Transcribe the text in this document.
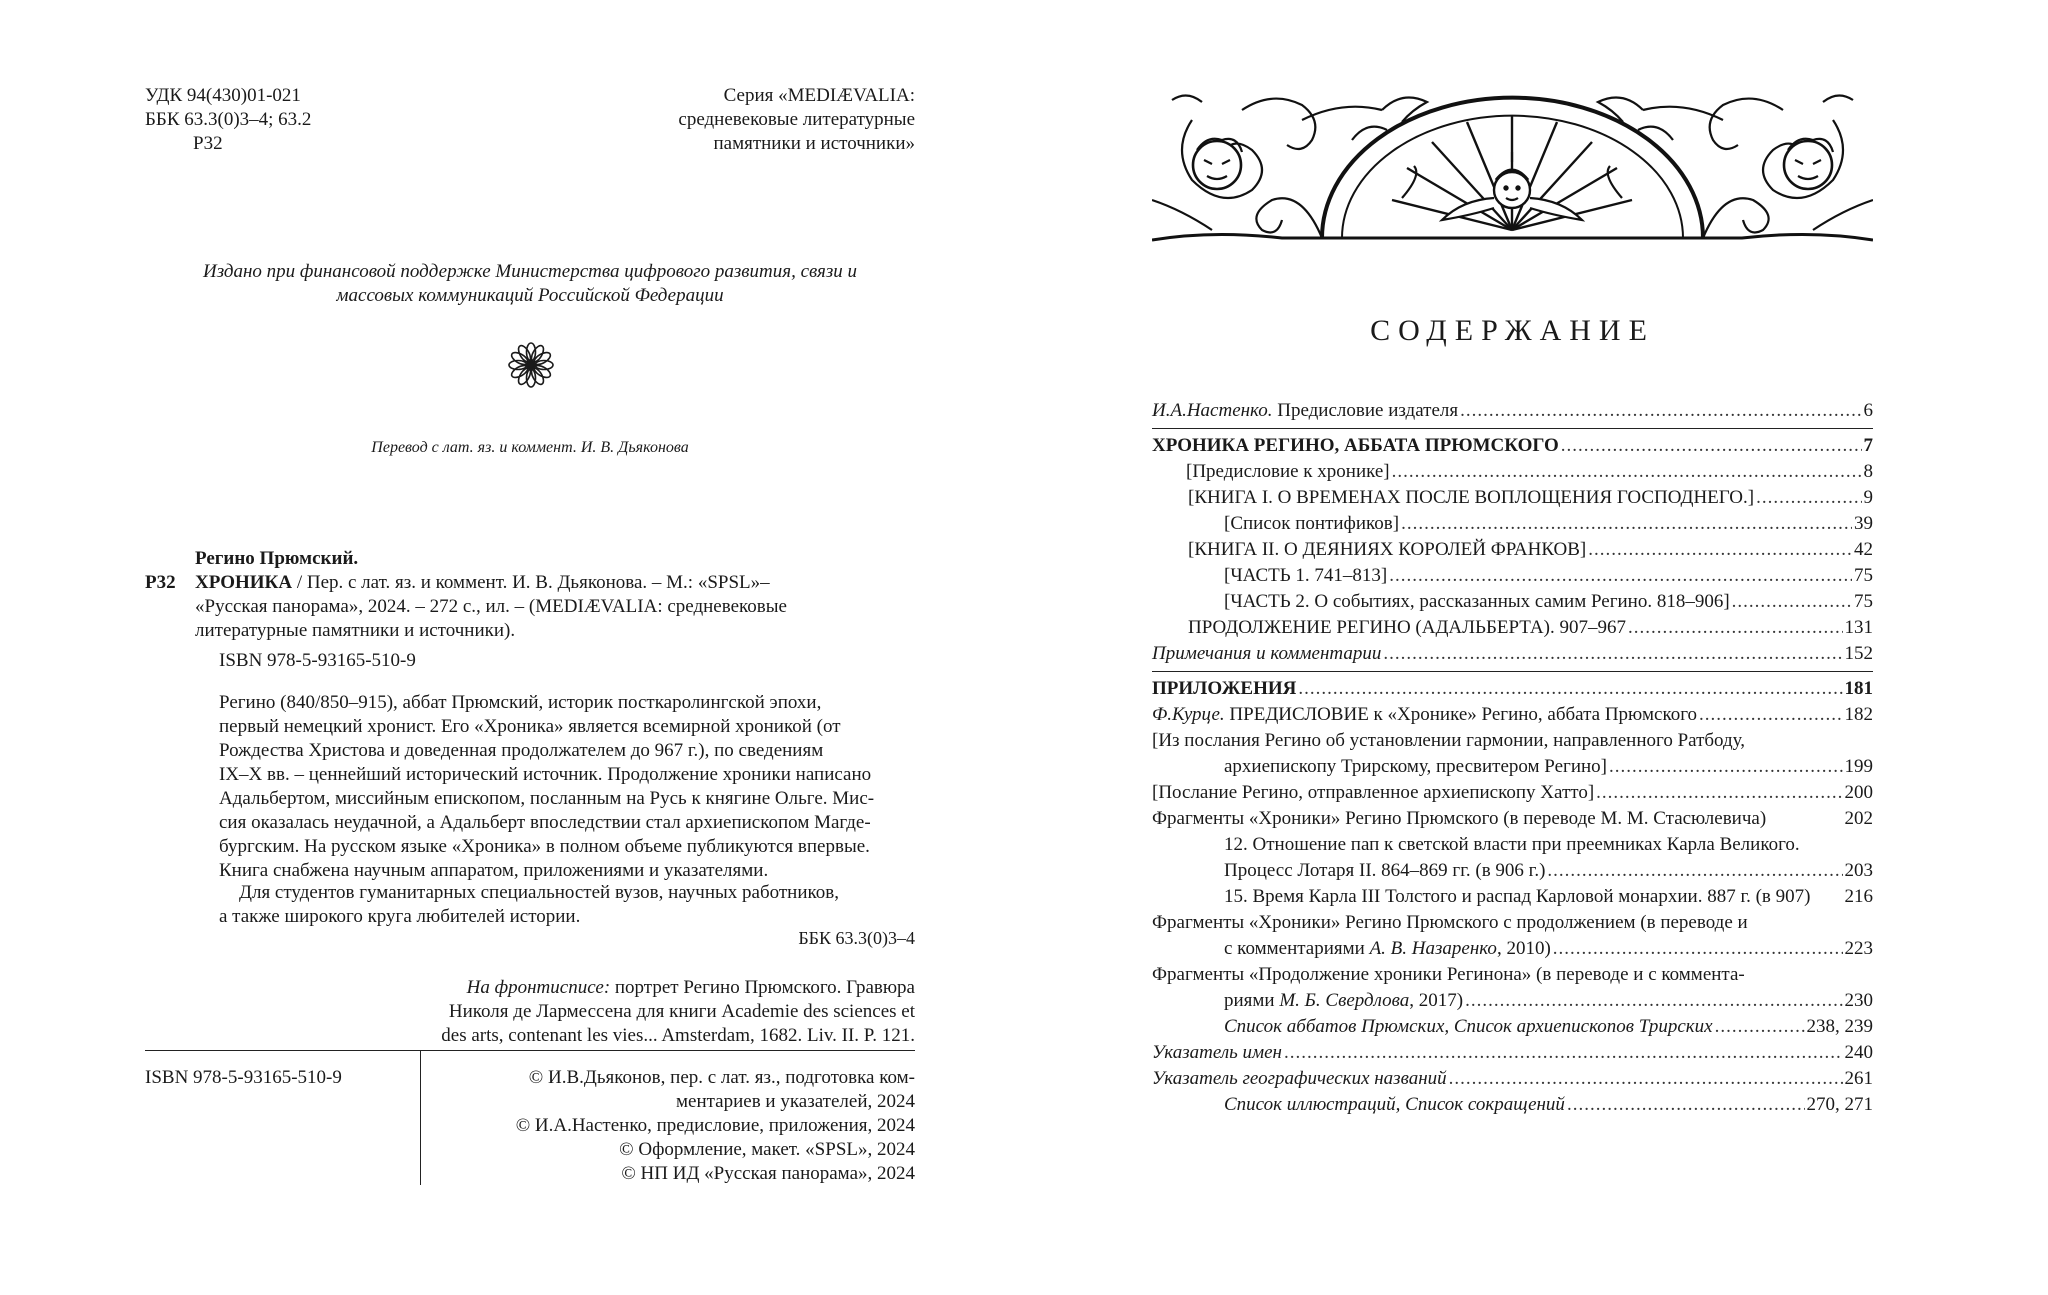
УДК 94(430)01-021
ББК 63.3(0)3–4; 63.2
Р32
Серия «MEDIÆVALIA:
средневековые литературные
памятники и источники»
Издано при финансовой поддержке Министерства цифрового развития, связи и
массовых коммуникаций Российской Федерации
Перевод с лат. яз. и коммент. И. В. Дьяконова
Регино Прюмский.
ХРОНИКА / Пер. с лат. яз. и коммент. И. В. Дьяконова. – М.: «SPSL»–
«Русская панорама», 2024. – 272 с., ил. – (MEDIÆVALIA: средневековые
литературные памятники и источники).
ISBN 978-5-93165-510-9
Р32
Регино (840/850–915), аббат Прюмский, историк посткаролингской эпохи,
первый немецкий хронист. Его «Хроника» является всемирной хроникой (от
Рождества Христова и доведенная продолжателем до 967 г.), по сведениям
IX–X вв. – ценнейший исторический источник. Продолжение хроники написано
Адальбертом, миссийным епископом, посланным на Русь к княгине Ольге. Мис-
сия оказалась неудачной, а Адальберт впоследствии стал архиепископом Магде-
бургским. На русском языке «Хроника» в полном объеме публикуются впервые.
Книга снабжена научным аппаратом, приложениями и указателями.
Для студентов гуманитарных специальностей вузов, научных работников,
а также широкого круга любителей истории.
ББК 63.3(0)3–4
На фронтисписе: портрет Регино Прюмского. Гравюра
Николя де Лармессена для книги Academie des sciences et
des arts, contenant les vies... Amsterdam, 1682. Liv. II. P. 121.
ISBN 978-5-93165-510-9	© И.В.Дьяконов, пер. с лат. яз., подготовка ком-
ментариев и указателей, 2024
© И.А.Настенко, предисловие, приложения, 2024
© Оформление, макет. «SPSL», 2024
© НП ИД «Русская панорама», 2024
СОДЕРЖАНИЕ
И.А.Настенко. Предисловие издателя .....	6
ХРОНИКА РЕГИНО, АББАТА ПРЮМСКОГО .....	7
[Предисловие к хронике] .....	8
[КНИГА I. О ВРЕМЕНАХ ПОСЛЕ ВОПЛОЩЕНИЯ ГОСПОДНЕГО.] .....	9
[Список понтификов] .....	39
[КНИГА II. О ДЕЯНИЯХ КОРОЛЕЙ ФРАНКОВ] .....	42
[ЧАСТЬ 1. 741–813] .....	75
[ЧАСТЬ 2. О событиях, рассказанных самим Регино. 818–906] .....	75
ПРОДОЛЖЕНИЕ РЕГИНО (АДАЛЬБЕРТА). 907–967 .....	131
Примечания и комментарии .....	152
ПРИЛОЖЕНИЯ .....	181
Ф.Курце. ПРЕДИСЛОВИЕ к «Хронике» Регино, аббата Прюмского .....	182
[Из послания Регино об установлении гармонии, направленного Ратбоду,
архиепископу Трирскому, пресвитером Регино] .....	199
[Послание Регино, отправленное архиепископу Хатто] .....	200
Фрагменты «Хроники» Регино Прюмского (в переводе М. М. Стасюлевича)	202
12. Отношение пап к светской власти при преемниках Карла Великого.
Процесс Лотаря II. 864–869 гг. (в 906 г.) .....	203
15. Время Карла III Толстого и распад Карловой монархии. 887 г. (в 907) 216
Фрагменты «Хроники» Регино Прюмского с продолжением (в переводе и
с комментариями А. В. Назаренко, 2010) .....	223
Фрагменты «Продолжение хроники Регинона» (в переводе и с коммента-
риями М. Б. Свердлова, 2017) .....	230
Список аббатов Прюмских, Список архиепископов Трирских .....	238, 239
Указатель имен .....	240
Указатель географических названий .....	261
Список иллюстраций, Список сокращений .....	270, 271
